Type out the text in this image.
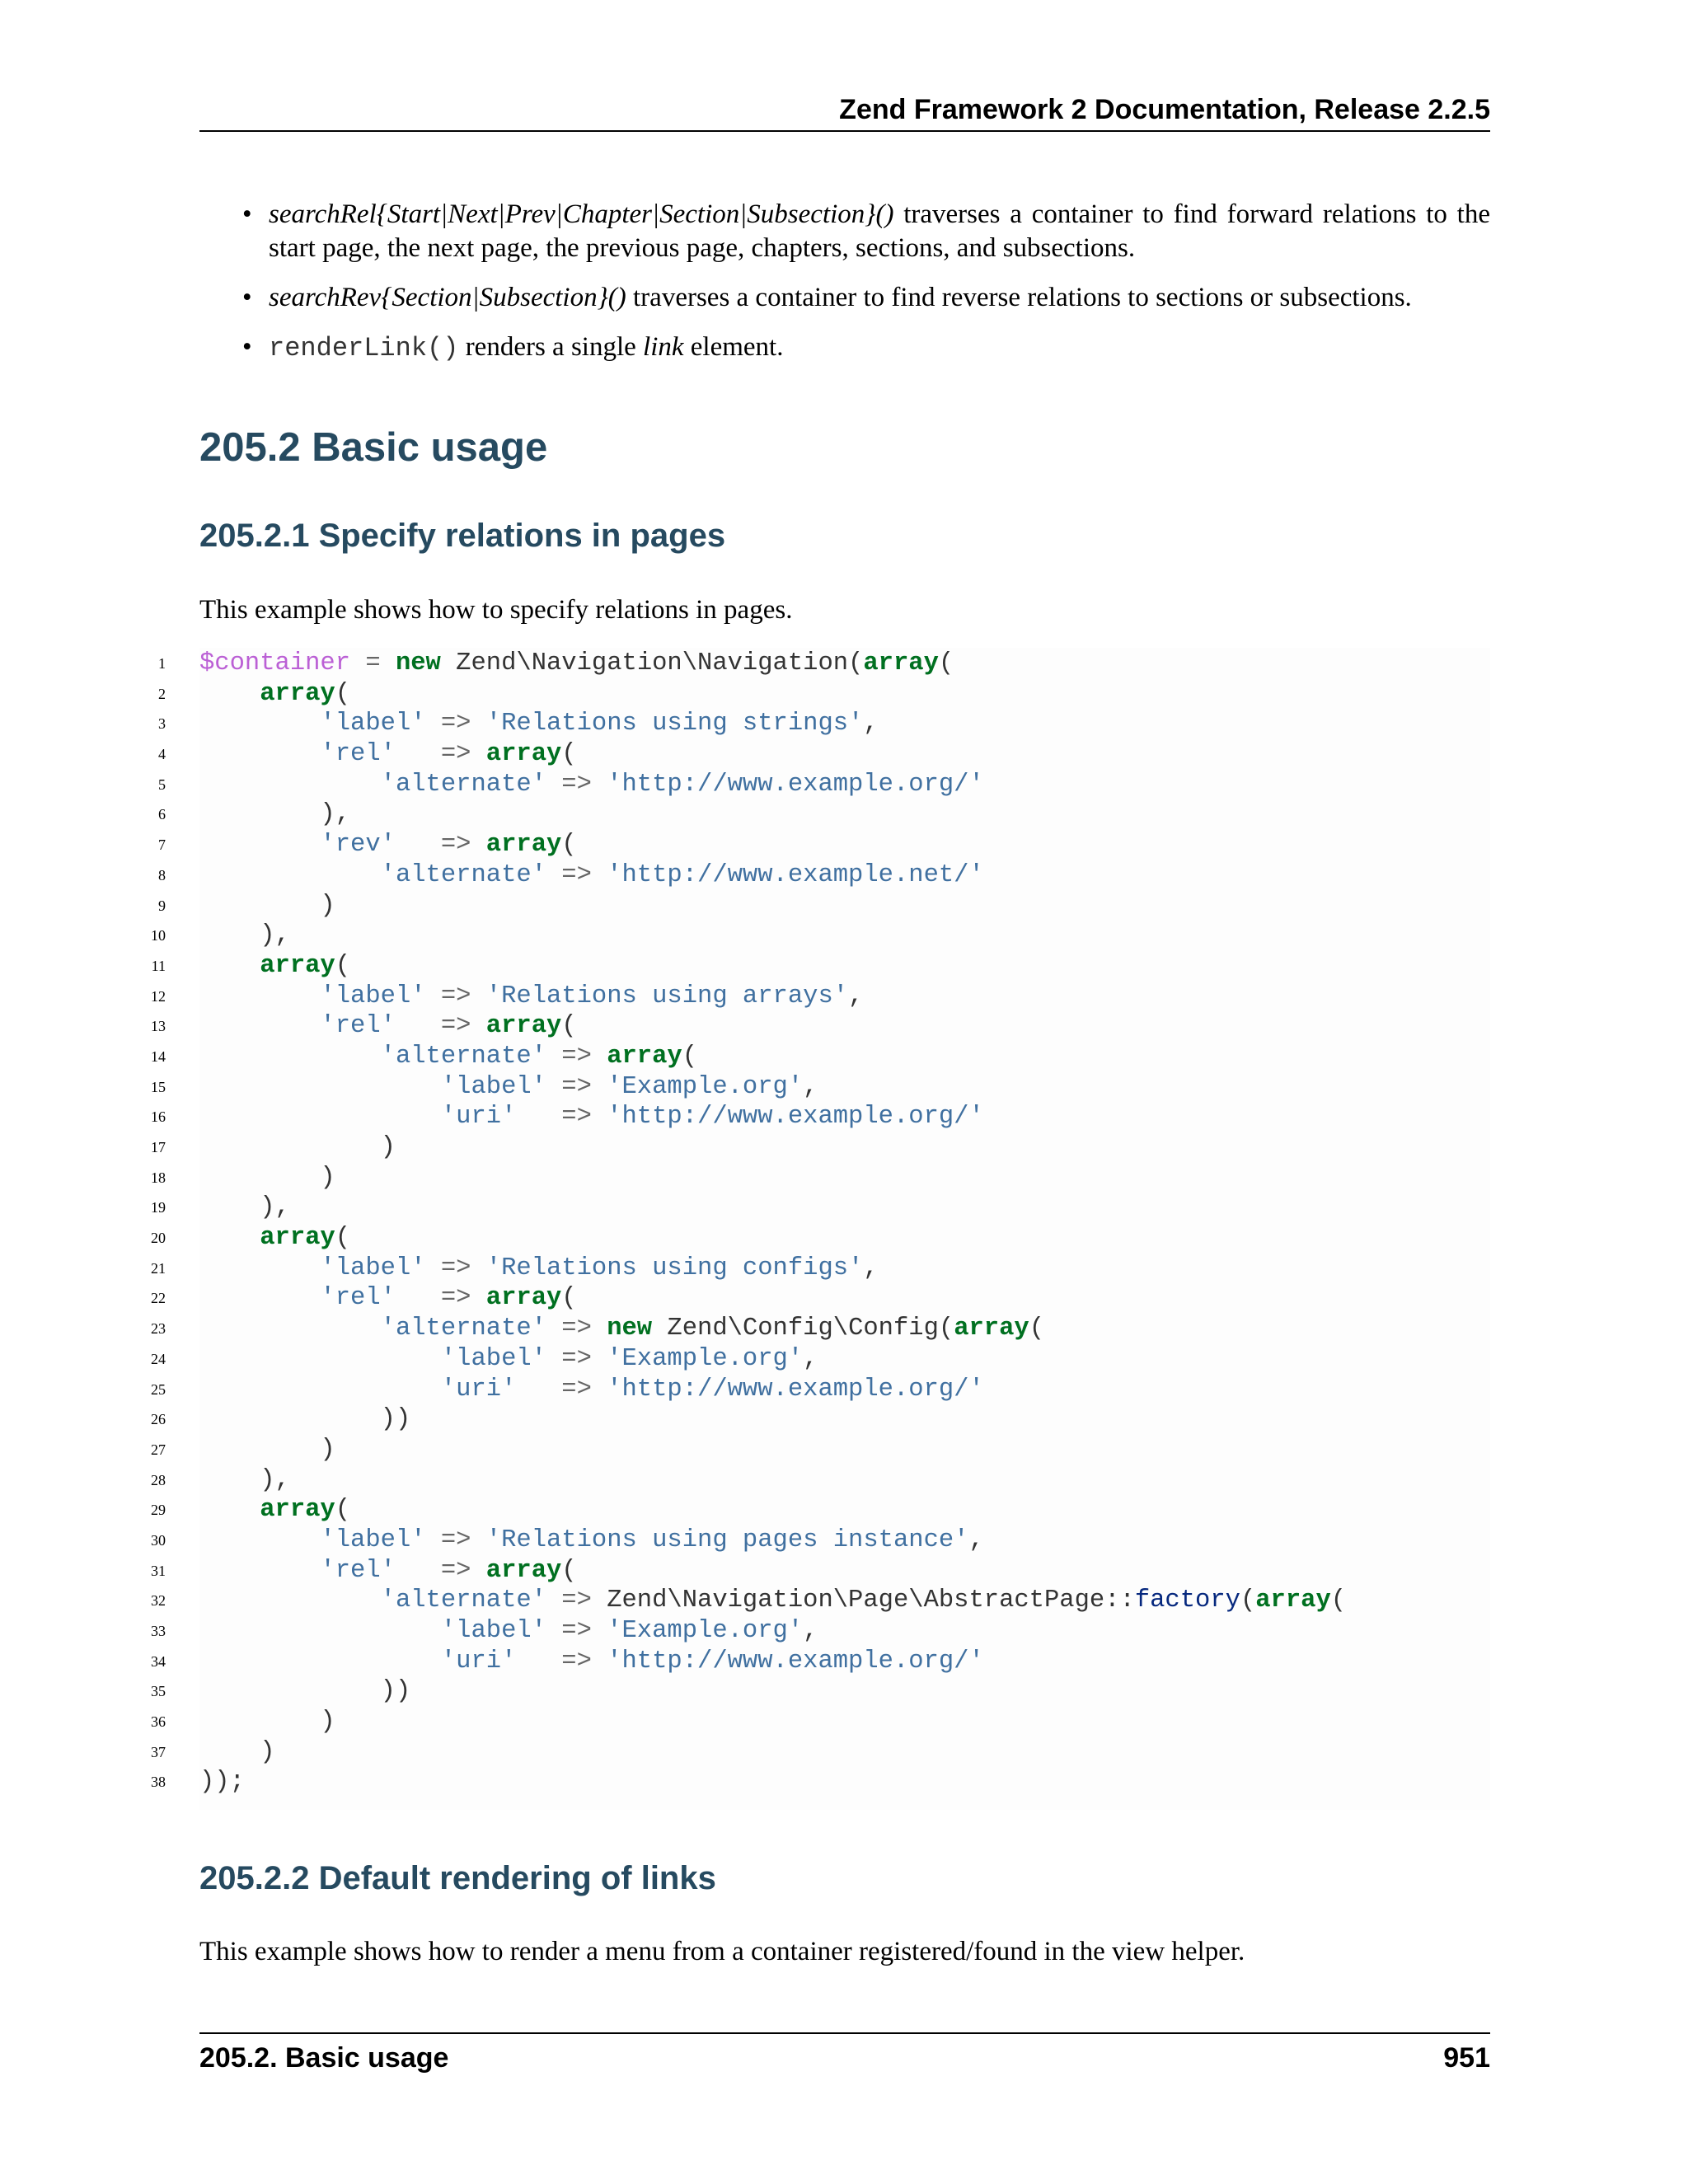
Zend Framework 2 Documentation, Release 2.2.5
• searchRel{Start|Next|Prev|Chapter|Section|Subsection}() traverses a container to find forward relations to the start page, the next page, the previous page, chapters, sections, and subsections.
• searchRev{Section|Subsection}() traverses a container to find reverse relations to sections or subsections.
• renderLink() renders a single link element.
205.2 Basic usage
205.2.1 Specify relations in pages
This example shows how to specify relations in pages.
1 $container = new Zend\Navigation\Navigation(array(
2	array(
3	'label' => 'Relations using strings',
4	'rel'   => array(
5	'alternate' => 'http://www.example.org/'
6 ),
7	'rev'   => array(
8	'alternate' => 'http://www.example.net/'
9 )
10 ),
11	array(
12	'label' => 'Relations using arrays',
13	'rel'   => array(
14	'alternate' => array(
15	'label' => 'Example.org',
16	'uri'   => 'http://www.example.org/'
17 )
18 )
19 ),
20	array(
21	'label' => 'Relations using configs',
22	'rel'   => array(
23	'alternate' => new Zend\Config\Config(array(
24	'label' => 'Example.org',
25	'uri'   => 'http://www.example.org/'
26 ))
27 )
28 ),
29	array(
30	'label' => 'Relations using pages instance',
31	'rel'   => array(
32	'alternate' => Zend\Navigation\Page\AbstractPage::factory(array(
33	'label' => 'Example.org',
34	'uri'   => 'http://www.example.org/'
35 ))
36 )
37 )
38 ));
205.2.2 Default rendering of links
This example shows how to render a menu from a container registered/found in the view helper.
205.2. Basic usage	951
